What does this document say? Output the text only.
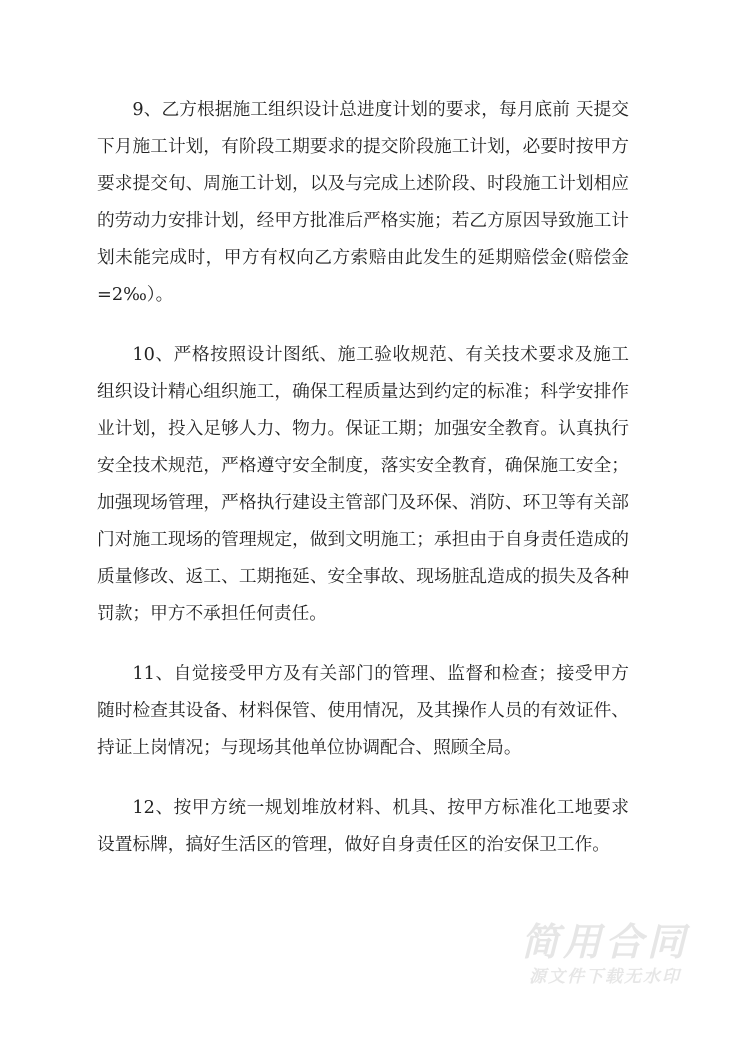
9、乙方根据施工组织设计总进度计划的要求，每月底前 天提交下月施工计划，有阶段工期要求的提交阶段施工计划，必要时按甲方要求提交旬、周施工计划，以及与完成上述阶段、时段施工计划相应的劳动力安排计划，经甲方批准后严格实施；若乙方原因导致施工计划未能完成时，甲方有权向乙方索赔由此发生的延期赔偿金(赔偿金=2‰）。

10、严格按照设计图纸、施工验收规范、有关技术要求及施工组织设计精心组织施工，确保工程质量达到约定的标准；科学安排作业计划，投入足够人力、物力。保证工期；加强安全教育。认真执行安全技术规范，严格遵守安全制度，落实安全教育，确保施工安全；加强现场管理，严格执行建设主管部门及环保、消防、环卫等有关部门对施工现场的管理规定，做到文明施工；承担由于自身责任造成的质量修改、返工、工期拖延、安全事故、现场脏乱造成的损失及各种罚款；甲方不承担任何责任。

11、自觉接受甲方及有关部门的管理、监督和检查；接受甲方随时检查其设备、材料保管、使用情况，及其操作人员的有效证件、持证上岗情况；与现场其他单位协调配合、照顾全局。

12、按甲方统一规划堆放材料、机具、按甲方标准化工地要求设置标牌，搞好生活区的管理，做好自身责任区的治安保卫工作。

简用合同
源文件下载无水印
